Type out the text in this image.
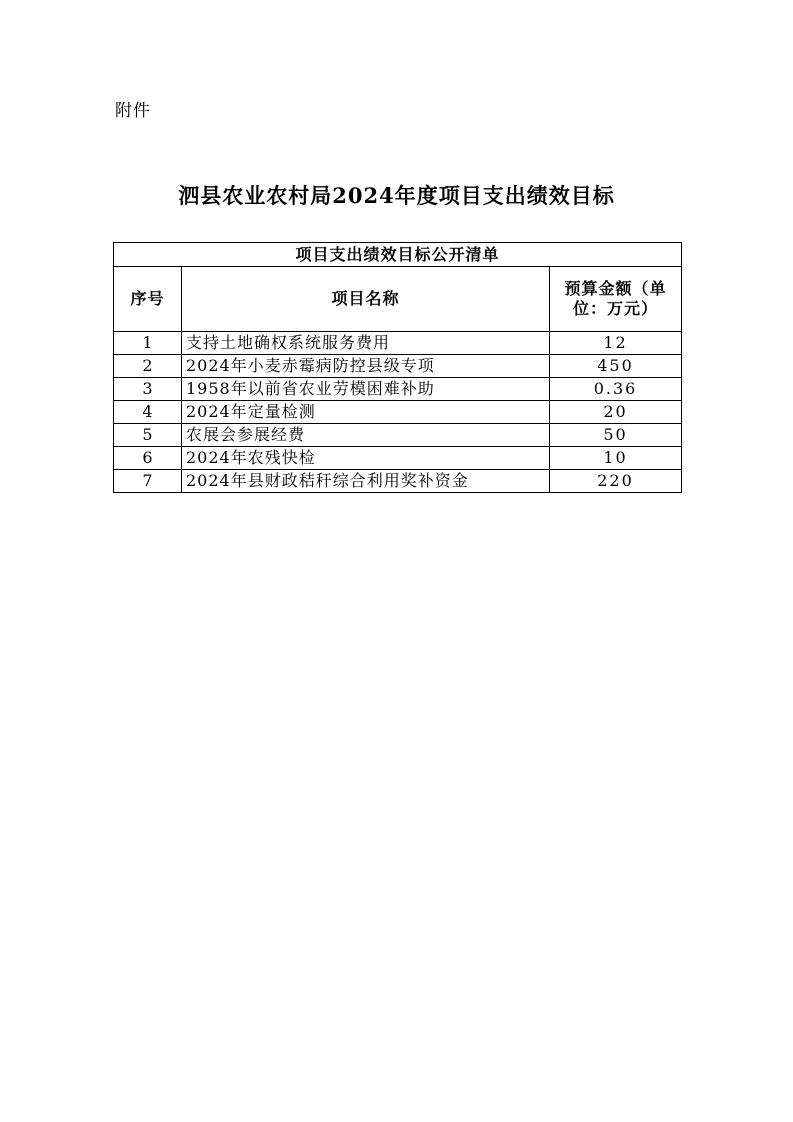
附件
泗县农业农村局2024年度项目支出绩效目标
项目支出绩效目标公开清单		
序号	项目名称	预算金额（单位：万元）
1	支持土地确权系统服务费用	12
2	2024年小麦赤霉病防控县级专项	450
3	1958年以前省农业劳模困难补助	0.36
4	2024年定量检测	20
5	农展会参展经费	50
6	2024年农残快检	10
7	2024年县财政秸秆综合利用奖补资金	220
